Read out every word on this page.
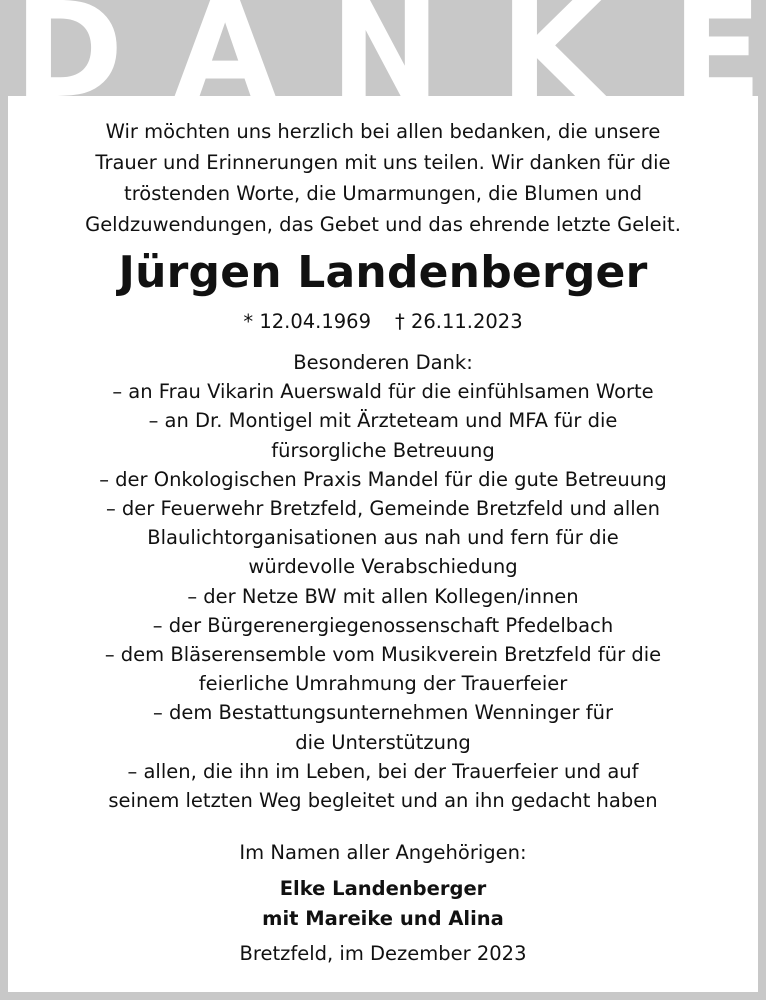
D A N K E
Wir möchten uns herzlich bei allen bedanken, die unsere
Trauer und Erinnerungen mit uns teilen. Wir danken für die
tröstenden Worte, die Umarmungen, die Blumen und
Geldzuwendungen, das Gebet und das ehrende letzte Geleit.
Jürgen Landenberger
* 12.04.1969 † 26.11.2023
Besonderen Dank:
– an Frau Vikarin Auerswald für die einfühlsamen Worte
– an Dr. Montigel mit Ärzteteam und MFA für die
fürsorgliche Betreuung
– der Onkologischen Praxis Mandel für die gute Betreuung
– der Feuerwehr Bretzfeld, Gemeinde Bretzfeld und allen
Blaulichtorganisationen aus nah und fern für die
würdevolle Verabschiedung
– der Netze BW mit allen Kollegen/innen
– der Bürgerenergiegenossenschaft Pfedelbach
– dem Bläserensemble vom Musikverein Bretzfeld für die
feierliche Umrahmung der Trauerfeier
– dem Bestattungsunternehmen Wenninger für
die Unterstützung
– allen, die ihn im Leben, bei der Trauerfeier und auf
seinem letzten Weg begleitet und an ihn gedacht haben
Im Namen aller Angehörigen:
Elke Landenberger
mit Mareike und Alina
Bretzfeld, im Dezember 2023
